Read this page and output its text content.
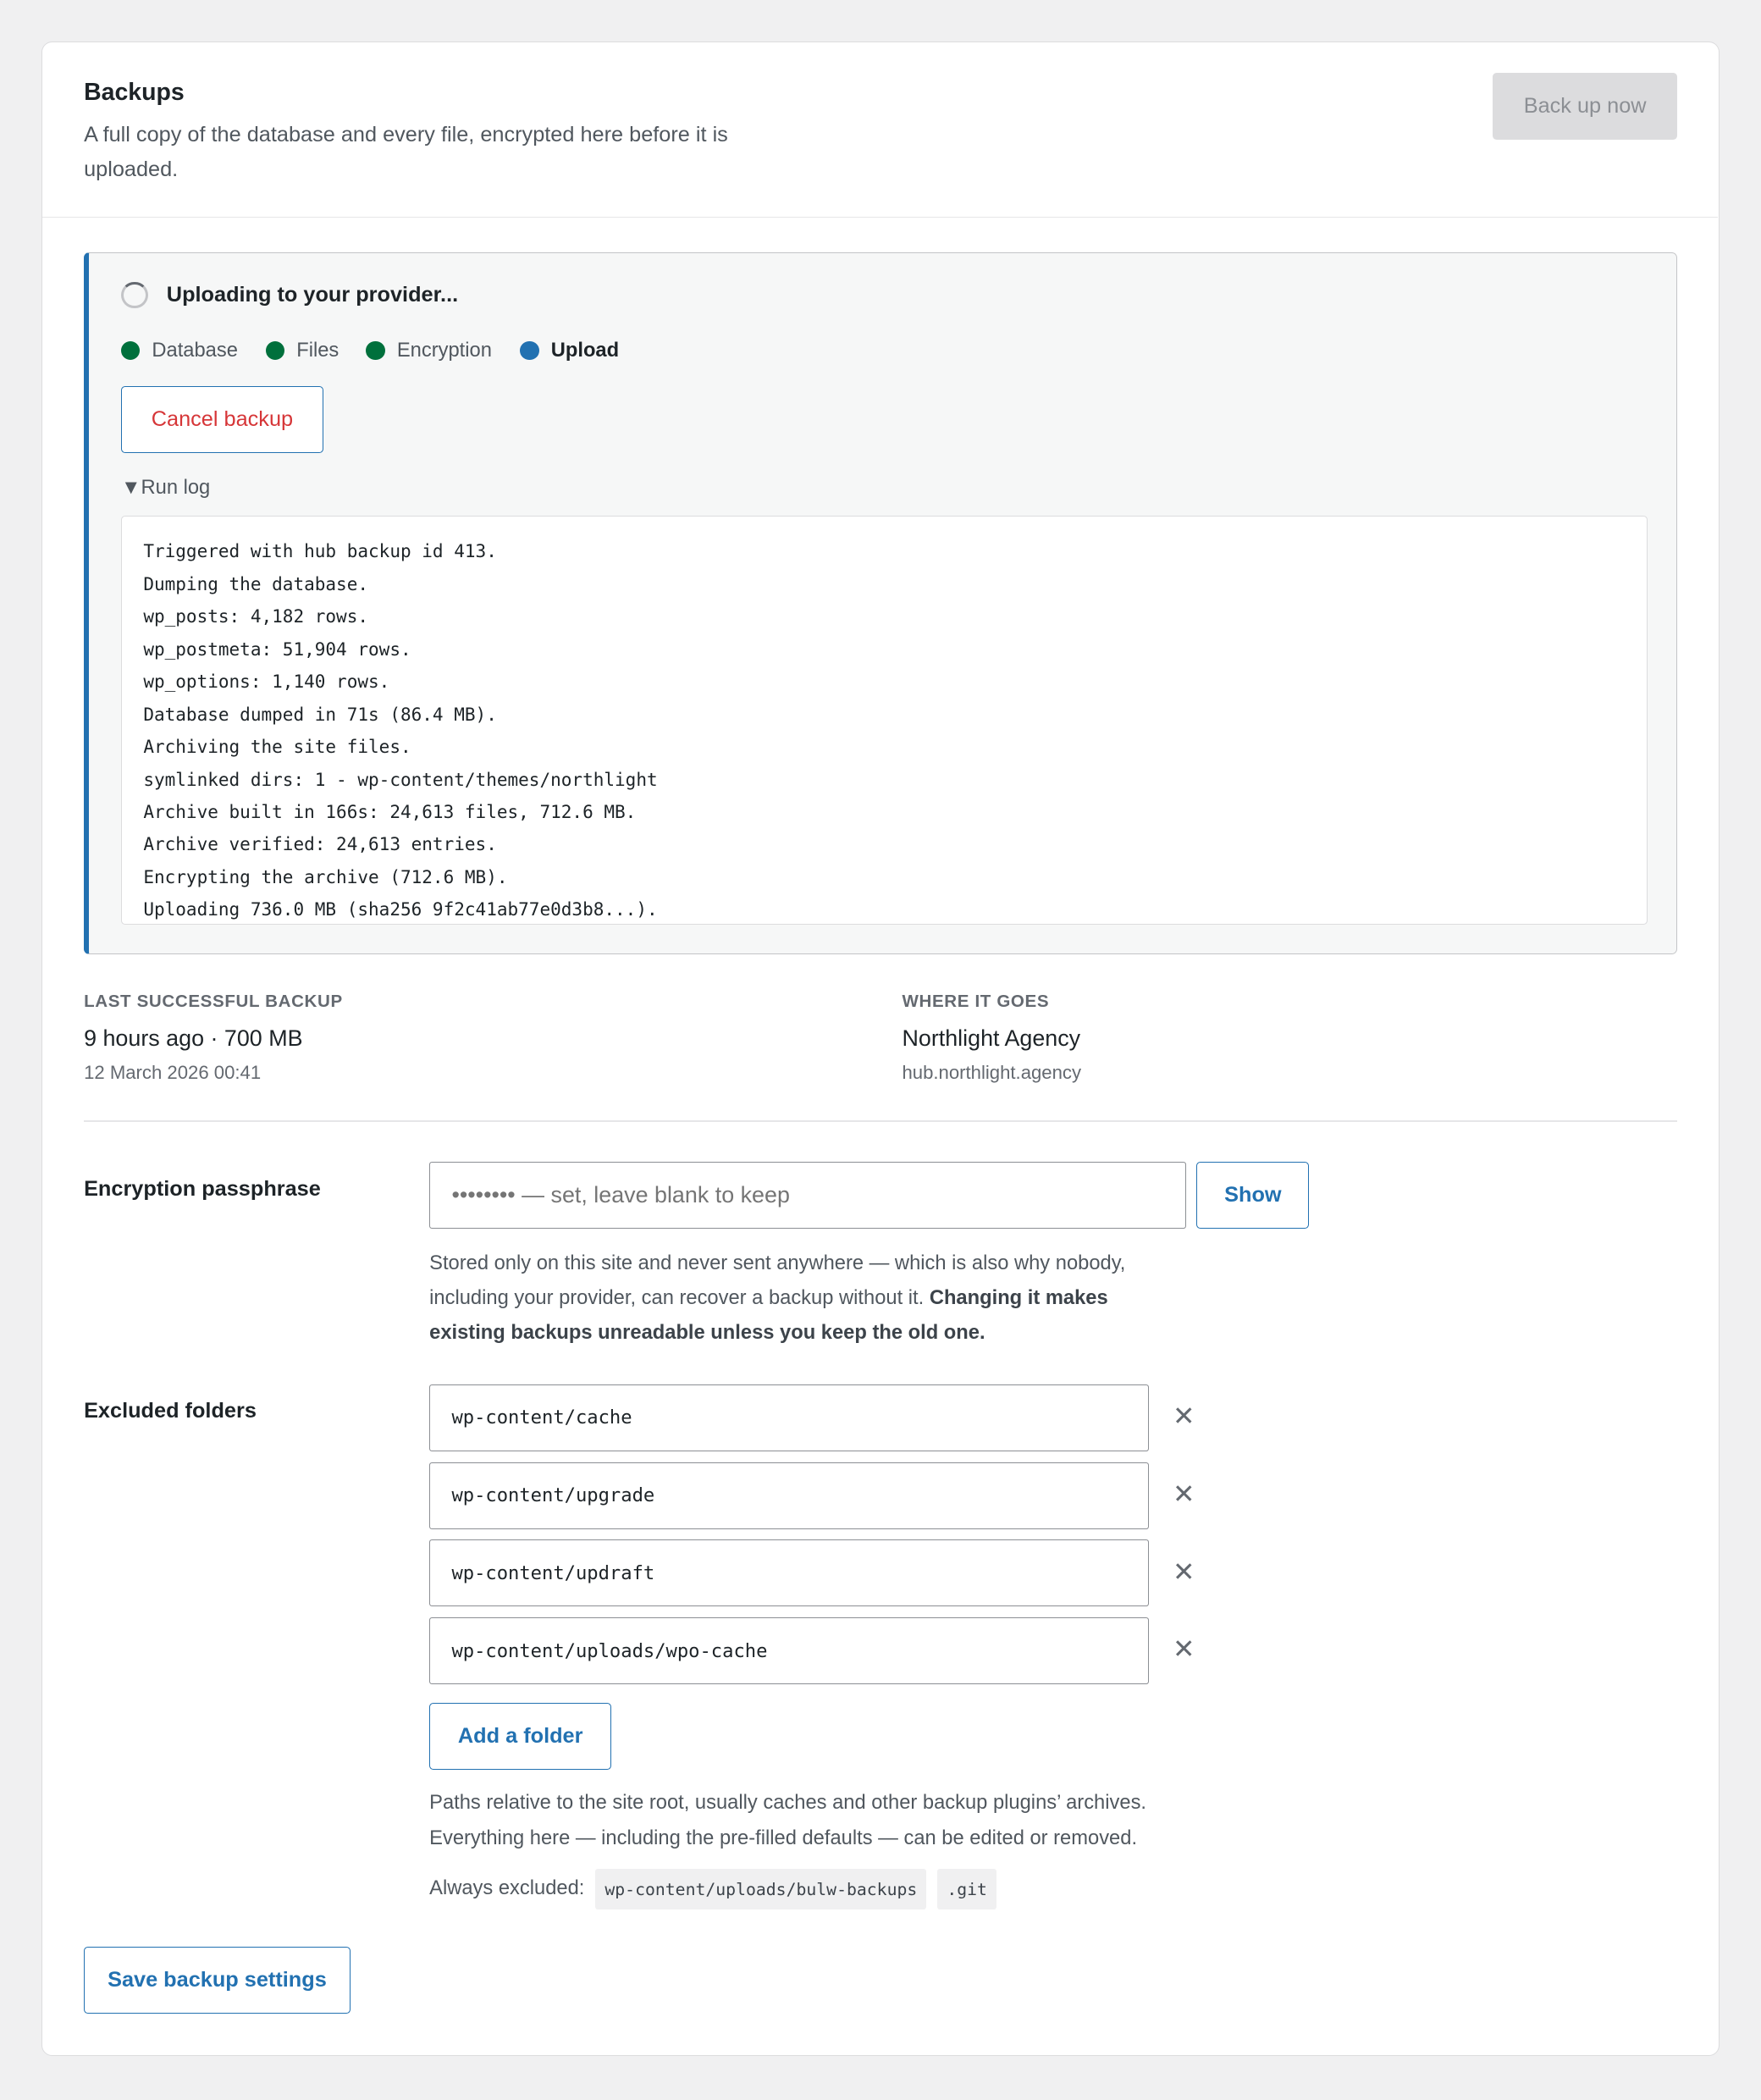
Backups
A full copy of the database and every file, encrypted here before it is uploaded.
Back up now
Uploading to your provider...
Database	Files	Encryption	Upload
Cancel backup
▼Run log
Triggered with hub backup id 413.
Dumping the database.
wp_posts: 4,182 rows.
wp_postmeta: 51,904 rows.
wp_options: 1,140 rows.
Database dumped in 71s (86.4 MB).
Archiving the site files.
symlinked dirs: 1 - wp-content/themes/northlight
Archive built in 166s: 24,613 files, 712.6 MB.
Archive verified: 24,613 entries.
Encrypting the archive (712.6 MB).
Uploading 736.0 MB (sha256 9f2c41ab77e0d3b8...).
LAST SUCCESSFUL BACKUP
9 hours ago · 700 MB
12 March 2026 00:41
WHERE IT GOES
Northlight Agency
hub.northlight.agency
Encryption passphrase	•••••••• — set, leave blank to keep	Show
Stored only on this site and never sent anywhere — which is also why nobody, including your provider, can recover a backup without it. Changing it makes existing backups unreadable unless you keep the old one.
Excluded folders	wp-content/cache	✕
wp-content/upgrade	✕
wp-content/updraft	✕
wp-content/uploads/wpo-cache	✕
Add a folder
Paths relative to the site root, usually caches and other backup plugins’ archives. Everything here — including the pre-filled defaults — can be edited or removed.
Always excluded: wp-content/uploads/bulw-backups	.git
Save backup settings
